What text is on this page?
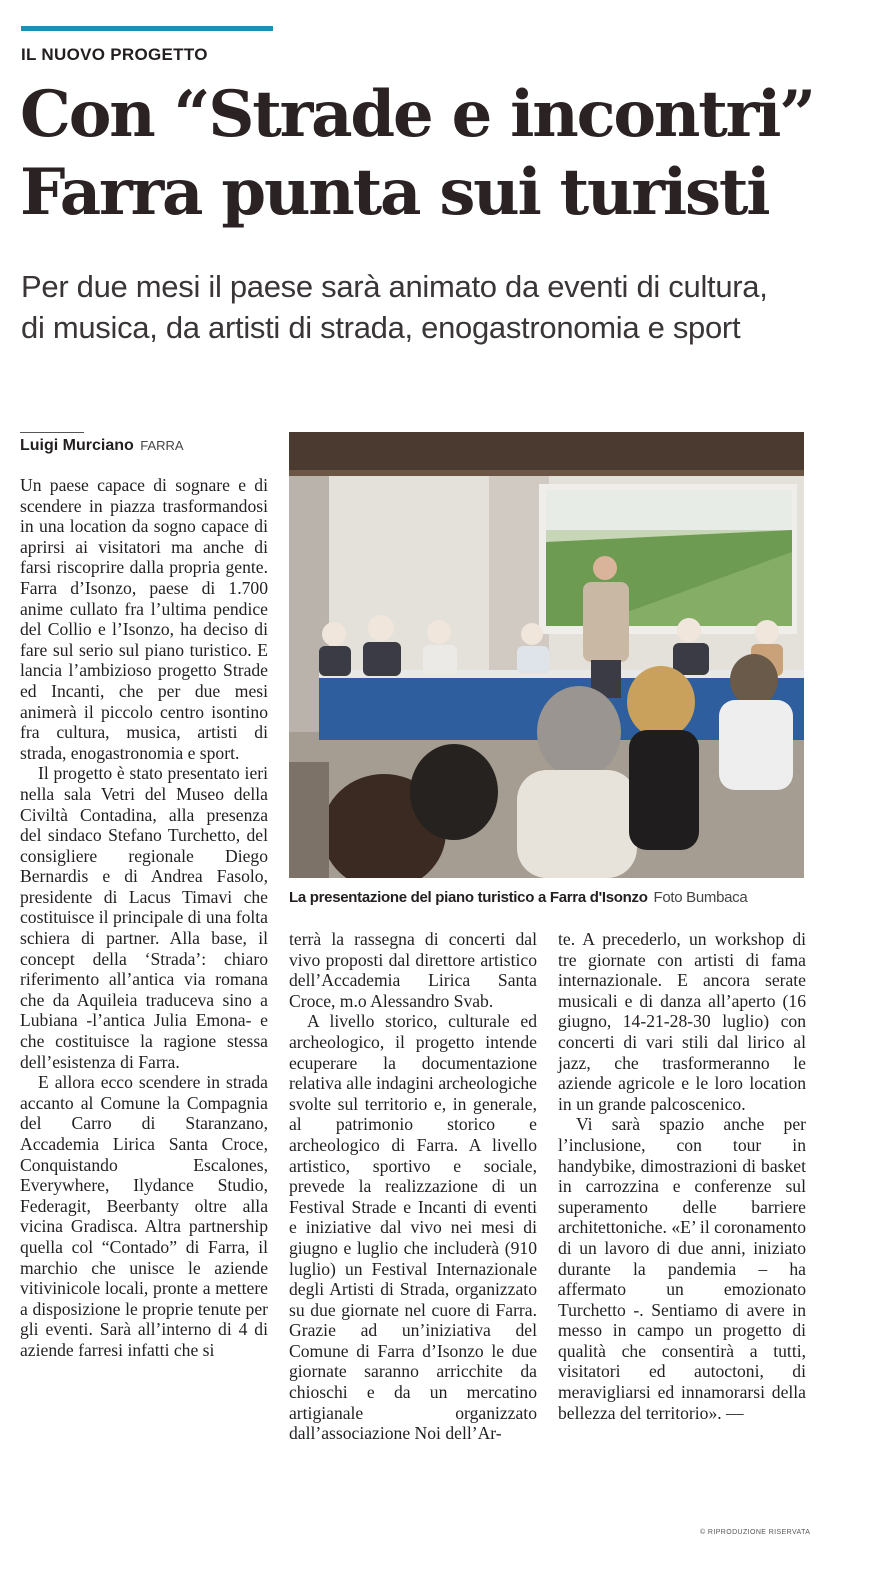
IL NUOVO PROGETTO
Con “Strade e incontri”
Farra punta sui turisti
Per due mesi il paese sarà animato da eventi di cultura,
di musica, da artisti di strada, enogastronomia e sport
Luigi Murciano FARRA

Un paese capace di sognare e di scendere in piazza trasformandosi in una location da sogno capace di aprirsi ai visitatori ma anche di farsi riscoprire dalla propria gente. Farra d’Isonzo, paese di 1.700 anime cullato fra l’ultima pendice del Collio e l’Isonzo, ha deciso di fare sul serio sul piano turistico. E lancia l’ambizioso progetto Strade ed Incanti, che per due mesi animerà il piccolo centro isontino fra cultura, musica, artisti di strada, enogastronomia e sport.

Il progetto è stato presentato ieri nella sala Vetri del Museo della Civiltà Contadina, alla presenza del sindaco Stefano Turchetto, del consigliere regionale Diego Bernardis e di Andrea Fasolo, presidente di Lacus Timavi che costituisce il principale di una folta schiera di partner. Alla base, il concept della ‘Strada’: chiaro riferimento all’antica via romana che da Aquileia traduceva sino a Lubiana -l’antica Julia Emona- e che costituisce la ragione stessa dell’esistenza di Farra.

E allora ecco scendere in strada accanto al Comune la Compagnia del Carro di Staranzano, Accademia Lirica Santa Croce, Conquistando Escalones, Everywhere, Ilydance Studio, Federagit, Beerbanty oltre alla vicina Gradisca. Altra partnership quella col “Contado” di Farra, il marchio che unisce le aziende vitivinicole locali, pronte a mettere a disposizione le proprie tenute per gli eventi. Sarà all’interno di 4 di aziende farresi infatti che si

La presentazione del piano turistico a Farra d'Isonzo Foto Bumbaca

terrà la rassegna di concerti dal vivo proposti dal direttore artistico dell’Accademia Lirica Santa Croce, m.o Alessandro Svab.

A livello storico, culturale ed archeologico, il progetto intende ecuperare la documentazione relativa alle indagini archeologiche svolte sul territorio e, in generale, al patrimonio storico e archeologico di Farra. A livello artistico, sportivo e sociale, prevede la realizzazione di un Festival Strade e Incanti di eventi e iniziative dal vivo nei mesi di giugno e luglio che includerà (910 luglio) un Festival Internazionale degli Artisti di Strada, organizzato su due giornate nel cuore di Farra. Grazie ad un’iniziativa del Comune di Farra d’Isonzo le due giornate saranno arricchite da chioschi e da un mercatino artigianale organizzato dall’associazione Noi dell’Ar-

te. A precederlo, un workshop di tre giornate con artisti di fama internazionale. E ancora serate musicali e di danza all’aperto (16 giugno, 14-21-28-30 luglio) con concerti di vari stili dal lirico al jazz, che trasformeranno le aziende agricole e le loro location in un grande palcoscenico.

Vi sarà spazio anche per l’inclusione, con tour in handybike, dimostrazioni di basket in carrozzina e conferenze sul superamento delle barriere architettoniche. «E’ il coronamento di un lavoro di due anni, iniziato durante la pandemia – ha affermato un emozionato Turchetto -. Sentiamo di avere in messo in campo un progetto di qualità che consentirà a tutti, visitatori ed autoctoni, di meravigliarsi ed innamorarsi della bellezza del territorio». —

© RIPRODUZIONE RISERVATA
